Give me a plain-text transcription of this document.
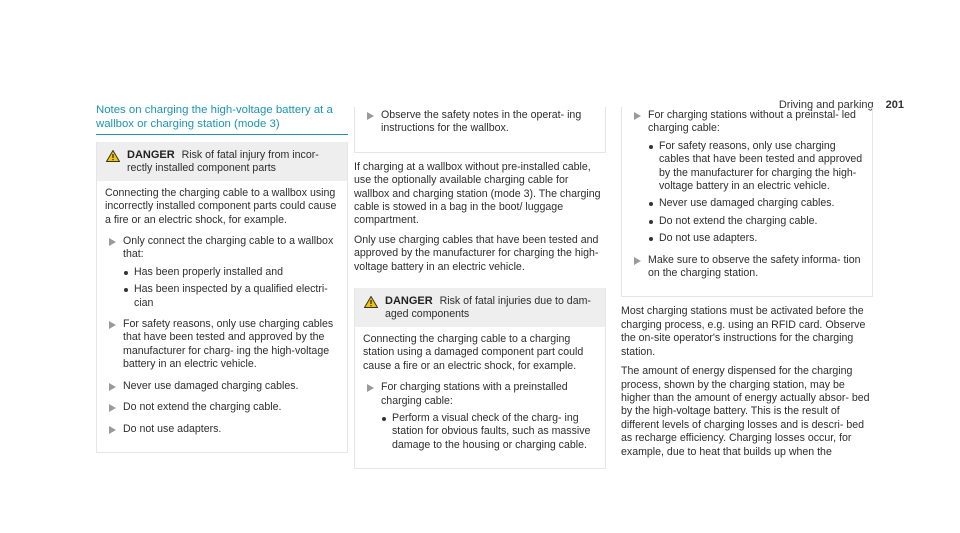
Driving and parking 201
Notes on charging the high-voltage battery at a
wallbox or charging station (mode 3)
DANGER Risk of fatal injury from incor- rectly installed component parts

Connecting the charging cable to a wallbox using incorrectly installed component parts could cause a fire or an electric shock, for example.

Only connect the charging cable to a wallbox that:
Has been properly installed and
Has been inspected by a qualified electri- cian
For safety reasons, only use charging cables that have been tested and approved by the manufacturer for charg- ing the high-voltage battery in an electric vehicle.
Never use damaged charging cables.
Do not extend the charging cable.
Do not use adapters.
Observe the safety notes in the operat- ing instructions for the wallbox.

If charging at a wallbox without pre-installed cable, use the optionally available charging cable for wallbox and charging station (mode 3). The charging cable is stowed in a bag in the boot/ luggage compartment.

Only use charging cables that have been tested and approved by the manufacturer for charging the high-voltage battery in an electric vehicle.

DANGER Risk of fatal injuries due to dam- aged components

Connecting the charging cable to a charging station using a damaged component part could cause a fire or an electric shock, for example.

For charging stations with a preinstalled charging cable:
Perform a visual check of the charg- ing station for obvious faults, such as massive damage to the housing or charging cable.
For charging stations without a preinstal- led charging cable:
For safety reasons, only use charging cables that have been tested and approved by the manufacturer for charging the high-voltage battery in an electric vehicle.
Never use damaged charging cables.
Do not extend the charging cable.
Do not use adapters.
Make sure to observe the safety informa- tion on the charging station.

Most charging stations must be activated before the charging process, e.g. using an RFID card. Observe the on-site operator's instructions for the charging station.

The amount of energy dispensed for the charging process, shown by the charging station, may be higher than the amount of energy actually absor- bed by the high-voltage battery. This is the result of different levels of charging losses and is descri- bed as recharge efficiency. Charging losses occur, for example, due to heat that builds up when the
